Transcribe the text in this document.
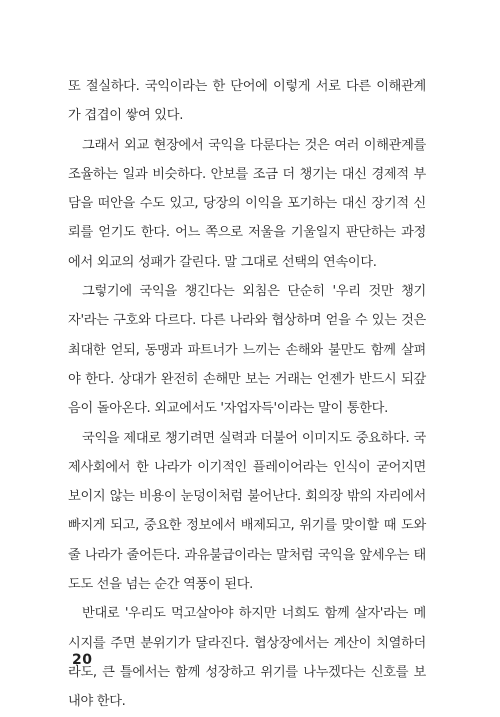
또 절실하다. 국익이라는 한 단어에 이렇게 서로 다른 이해관계가 겹겹이 쌓여 있다.

그래서 외교 현장에서 국익을 다룬다는 것은 여러 이해관계를 조율하는 일과 비슷하다. 안보를 조금 더 챙기는 대신 경제적 부담을 떠안을 수도 있고, 당장의 이익을 포기하는 대신 장기적 신뢰를 얻기도 한다. 어느 쪽으로 저울을 기울일지 판단하는 과정에서 외교의 성패가 갈린다. 말 그대로 선택의 연속이다.

그렇기에 국익을 챙긴다는 외침은 단순히 '우리 것만 챙기자'라는 구호와 다르다. 다른 나라와 협상하며 얻을 수 있는 것은 최대한 얻되, 동맹과 파트너가 느끼는 손해와 불만도 함께 살펴야 한다. 상대가 완전히 손해만 보는 거래는 언젠가 반드시 되갚음이 돌아온다. 외교에서도 '자업자득'이라는 말이 통한다.

국익을 제대로 챙기려면 실력과 더불어 이미지도 중요하다. 국제사회에서 한 나라가 이기적인 플레이어라는 인식이 굳어지면 보이지 않는 비용이 눈덩이처럼 불어난다. 회의장 밖의 자리에서 빠지게 되고, 중요한 정보에서 배제되고, 위기를 맞이할 때 도와줄 나라가 줄어든다. 과유불급이라는 말처럼 국익을 앞세우는 태도도 선을 넘는 순간 역풍이 된다.

반대로 '우리도 먹고살아야 하지만 너희도 함께 살자'라는 메시지를 주면 분위기가 달라진다. 협상장에서는 계산이 치열하더라도, 큰 틀에서는 함께 성장하고 위기를 나누겠다는 신호를 보내야 한다.

20
